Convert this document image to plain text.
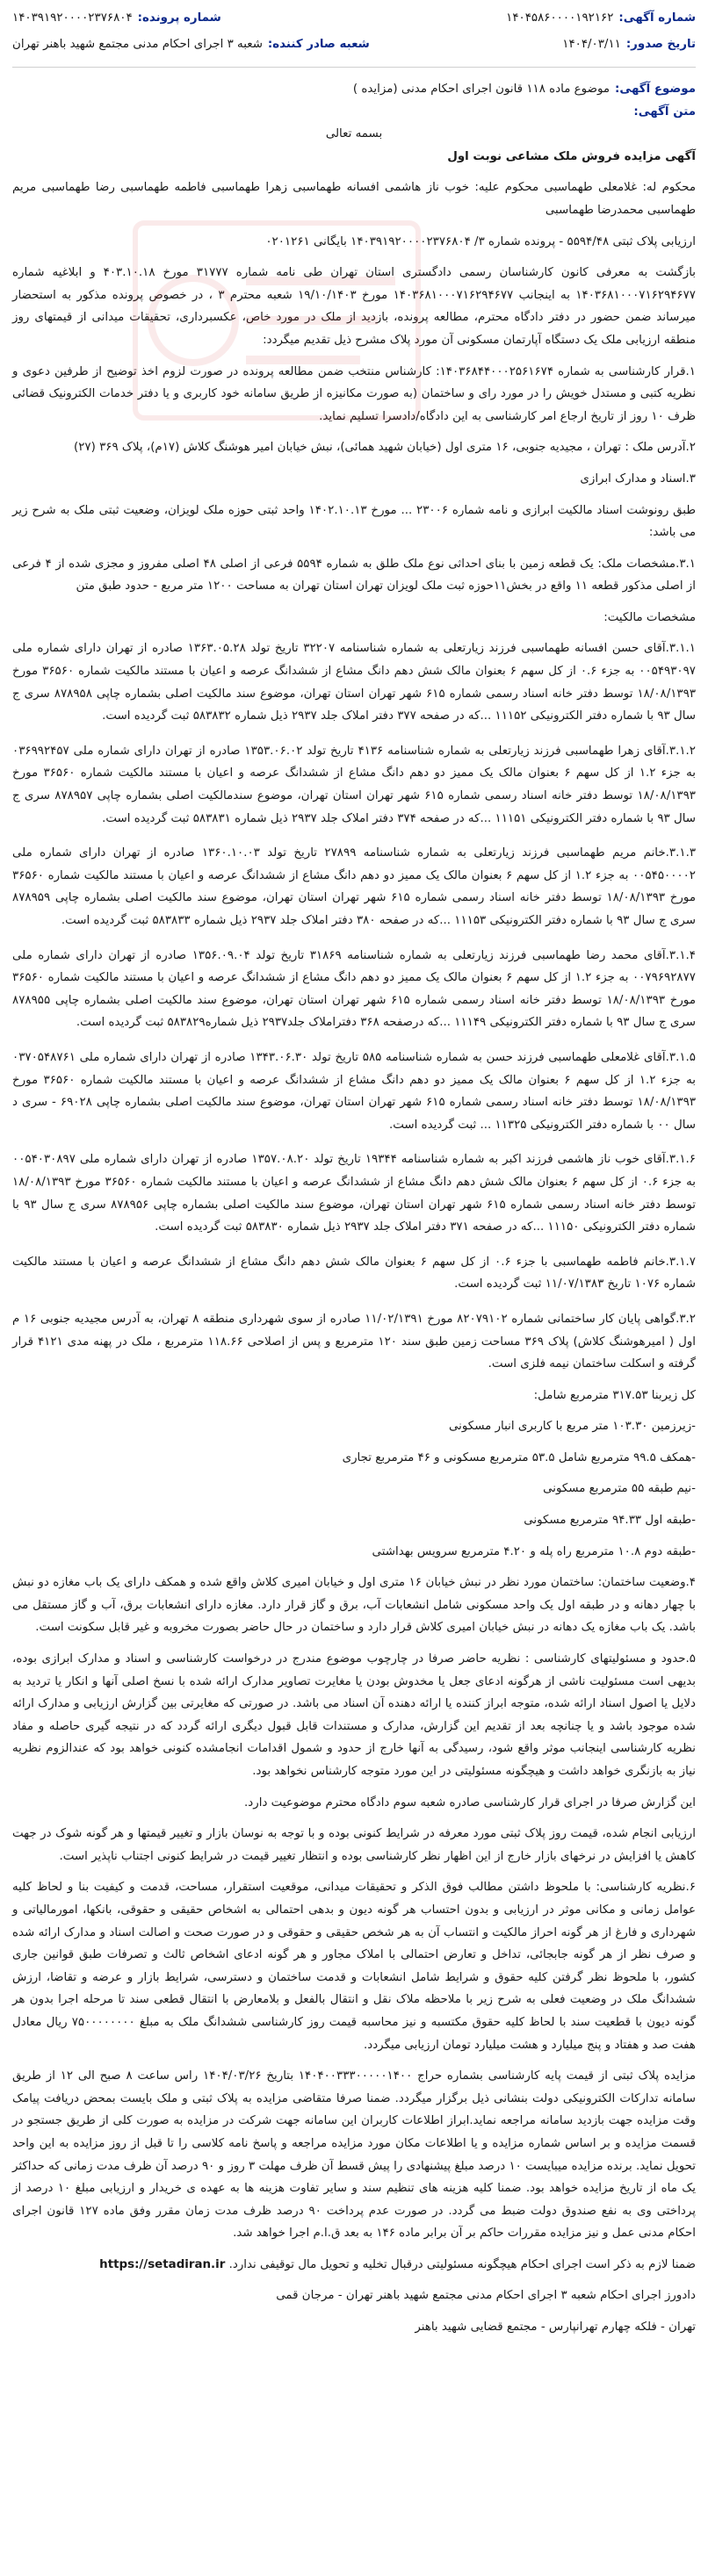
شماره آگهی:
۱۴۰۴۵۸۶۰۰۰۰۱۹۲۱۶۲
شماره پرونده:
۱۴۰۳۹۱۹۲۰۰۰۰۲۳۷۶۸۰۴
تاریخ صدور:
۱۴۰۴/۰۳/۱۱
شعبه صادر کننده:
شعبه ۳ اجرای احکام مدنی مجتمع شهید باهنر تهران
موضوع آگهی:
موضوع ماده ۱۱۸ قانون اجرای احکام مدنی (مزایده )
متن آگهی:
بسمه تعالی

آگهی مزایده فروش ملک مشاعی نوبت اول

محکوم له: غلامعلی طهماسبی محکوم علیه: خوب ناز هاشمی افسانه طهماسبی زهرا طهماسبی فاطمه طهماسبی رضا طهماسبی مریم طهماسبی محمدرضا طهماسبی

ارزیابی پلاک ثبتی ۵۵۹۴/۴۸ - پرونده شماره ۳/ ۱۴۰۳۹۱۹۲۰۰۰۰۲۳۷۶۸۰۴ بایگانی ۰۲۰۱۲۶۱

بازگشت به معرفی کانون کارشناسان رسمی دادگستری استان تهران طی نامه شماره ۳۱۷۷۷ مورخ ۴۰۳.۱۰.۱۸ و ابلاغیه شماره ۱۴۰۳۶۸۱۰۰۰۷۱۶۲۹۴۶۷۷ به اینجانب ۱۴۰۳۶۸۱۰۰۰۷۱۶۲۹۴۶۷۷ مورخ ۱۹/۱۰/۱۴۰۳ شعبه محترم ۳ ، در خصوص پرونده مذکور به استحضار میرساند ضمن حضور در دفتر دادگاه محترم، مطالعه پرونده، بازدید از ملک در مورد خاص، عکسبرداری، تحقیقات میدانی از قیمتهای روز منطقه ارزیابی ملک یک دستگاه آپارتمان مسکونی آن مورد پلاک مشرح ذیل تقدیم میگردد:

۱.قرار کارشناسی به شماره ۱۴۰۳۶۸۴۴۰۰۰۲۵۶۱۶۷۴: کارشناس منتخب ضمن مطالعه پرونده در صورت لزوم اخذ توضیح از طرفین دعوی و نظریه کتبی و مستدل خویش را در مورد رای و ساختمان (به صورت مکانیزه از طریق سامانه خود کاربری و یا دفتر خدمات الکترونیک قضائی ظرف ۱۰ روز از تاریخ ارجاع امر کارشناسی به این دادگاه/دادسرا تسلیم نماید.

۲.آدرس ملک : تهران ، مجیدیه جنوبی، ۱۶ متری اول (خیابان شهید همائی)، نبش خیابان امیر هوشنگ کلاش (۱۷م)، پلاک ۳۶۹ (۲۷)

۳.اسناد و مدارک ابرازی

طبق رونوشت اسناد مالکیت ابرازی و نامه شماره ۲۳۰۰۶ ... مورخ ۱۴۰۲.۱۰.۱۳ واحد ثبتی حوزه ملک لویزان، وضعیت ثبتی ملک به شرح زیر می باشد:

۳.۱.مشخصات ملک: یک قطعه زمین با بنای احداثی نوع ملک طلق به شماره ۵۵۹۴ فرعی از اصلی ۴۸ اصلی مفروز و مجزی شده از ۴ فرعی از اصلی مذکور قطعه ۱۱ واقع در بخش۱۱حوزه ثبت ملک لویزان تهران استان تهران به مساحت ۱۲۰۰ متر مربع - حدود طبق متن

مشخصات مالکیت:

۳.۱.۱.آقای حسن افسانه طهماسبی فرزند زیارتعلی به شماره شناسنامه ۳۲۲۰۷ تاریخ تولد ۱۳۶۳.۰۵.۲۸ صادره از تهران دارای شماره ملی ۰۰۵۴۹۳۰۹۷ به جزء ۰.۶ از کل سهم ۶ بعنوان مالک شش دهم دانگ مشاع از ششدانگ عرصه و اعیان با مستند مالکیت شماره ۳۶۵۶۰ مورخ ۱۸/۰۸/۱۳۹۳ توسط دفتر خانه اسناد رسمی شماره ۶۱۵ شهر تهران استان تهران، موضوع سند مالکیت اصلی بشماره چاپی ۸۷۸۹۵۸ سری ج سال ۹۳ با شماره دفتر الکترونیکی ۱۱۱۵۲ ...که در صفحه ۳۷۷ دفتر املاک جلد ۲۹۳۷ ذیل شماره ۵۸۳۸۳۲ ثبت گردیده است.

۳.۱.۲.آقای زهرا طهماسبی فرزند زیارتعلی به شماره شناسنامه ۴۱۳۶ تاریخ تولد ۱۳۵۳.۰۶.۰۲ صادره از تهران دارای شماره ملی ۰۳۶۹۹۲۴۵۷ به جزء ۱.۲ از کل سهم ۶ بعنوان مالک یک ممیز دو دهم دانگ مشاع از ششدانگ عرصه و اعیان با مستند مالکیت شماره ۳۶۵۶۰ مورخ ۱۸/۰۸/۱۳۹۳ توسط دفتر خانه اسناد رسمی شماره ۶۱۵ شهر تهران استان تهران، موضوع سندمالکیت اصلی بشماره چاپی ۸۷۸۹۵۷ سری ج سال ۹۳ با شماره دفتر الکترونیکی ۱۱۱۵۱ ...که در صفحه ۳۷۴ دفتر املاک جلد ۲۹۳۷ ذیل شماره ۵۸۳۸۳۱ ثبت گردیده است.

۳.۱.۳.خانم مریم طهماسبی فرزند زیارتعلی به شماره شناسنامه ۲۷۸۹۹ تاریخ تولد ۱۳۶۰.۱۰.۰۳ صادره از تهران دارای شماره ملی ۰۰۵۴۵۰۰۰۰۲ به جزء ۱.۲ از کل سهم ۶ بعنوان مالک یک ممیز دو دهم دانگ مشاع از ششدانگ عرصه و اعیان با مستند مالکیت شماره ۳۶۵۶۰ مورخ ۱۸/۰۸/۱۳۹۳ توسط دفتر خانه اسناد رسمی شماره ۶۱۵ شهر تهران استان تهران، موضوع سند مالکیت اصلی بشماره چاپی ۸۷۸۹۵۹ سری ج سال ۹۳ با شماره دفتر الکترونیکی ۱۱۱۵۳ ...که در صفحه ۳۸۰ دفتر املاک جلد ۲۹۳۷ ذیل شماره ۵۸۳۸۳۳ ثبت گردیده است.

۳.۱.۴.آقای محمد رضا طهماسبی فرزند زیارتعلی به شماره شناسنامه ۳۱۸۶۹ تاریخ تولد ۱۳۵۶.۰۹.۰۴ صادره از تهران دارای شماره ملی ۰۰۷۹۶۹۲۸۷۷ به جزء ۱.۲ از کل سهم ۶ بعنوان مالک یک ممیز دو دهم دانگ مشاع از ششدانگ عرصه و اعیان با مستند مالکیت شماره ۳۶۵۶۰ مورخ ۱۸/۰۸/۱۳۹۳ توسط دفتر خانه اسناد رسمی شماره ۶۱۵ شهر تهران استان تهران، موضوع سند مالکیت اصلی بشماره چاپی ۸۷۸۹۵۵ سری ج سال ۹۳ با شماره دفتر الکترونیکی ۱۱۱۴۹ ...که درصفحه ۳۶۸ دفتراملاک جلد۲۹۳۷ ذیل شماره۵۸۳۸۲۹ ثبت گردیده است.

۳.۱.۵.آقای غلامعلی طهماسبی فرزند حسن به شماره شناسنامه ۵۸۵ تاریخ تولد ۱۳۴۳.۰۶.۳۰ صادره از تهران دارای شماره ملی ۰۳۷۰۵۴۸۷۶۱ به جزء ۱.۲ از کل سهم ۶ بعنوان مالک یک ممیز دو دهم دانگ مشاع از ششدانگ عرصه و اعیان با مستند مالکیت شماره ۳۶۵۶۰ مورخ ۱۸/۰۸/۱۳۹۳ توسط دفتر خانه اسناد رسمی شماره ۶۱۵ شهر تهران استان تهران، موضوع سند مالکیت اصلی بشماره چاپی ۶۹۰۲۸ - سری د سال ۰۰ با شماره دفتر الکترونیکی ۱۱۳۲۵ ... ثبت گردیده است.

۳.۱.۶.آقای خوب ناز هاشمی فرزند اکبر به شماره شناسنامه ۱۹۳۴۴ تاریخ تولد ۱۳۵۷.۰۸.۲۰ صادره از تهران دارای شماره ملی ۰۰۵۴۰۳۰۸۹۷ به جزء ۰.۶ از کل سهم ۶ بعنوان مالک شش دهم دانگ مشاع از ششدانگ عرصه و اعیان با مستند مالکیت شماره ۳۶۵۶۰ مورخ ۱۸/۰۸/۱۳۹۳ توسط دفتر خانه اسناد رسمی شماره ۶۱۵ شهر تهران استان تهران، موضوع سند مالکیت اصلی بشماره چاپی ۸۷۸۹۵۶ سری ج سال ۹۳ با شماره دفتر الکترونیکی ۱۱۱۵۰ ...که در صفحه ۳۷۱ دفتر املاک جلد ۲۹۳۷ ذیل شماره ۵۸۳۸۳۰ ثبت گردیده است.

۳.۱.۷.خانم فاطمه طهماسبی با جزء ۰.۶ از کل سهم ۶ بعنوان مالک شش دهم دانگ مشاع از ششدانگ عرصه و اعیان با مستند مالکیت شماره ۱۰۷۶ تاریخ ۱۱/۰۷/۱۳۸۳ ثبت گردیده است.

۳.۲.گواهی پایان کار ساختمانی شماره ۸۲۰۷۹۱۰۲ مورخ ۱۱/۰۲/۱۳۹۱ صادره از سوی شهرداری منطقه ۸ تهران، به آدرس مجیدیه جنوبی ۱۶ م اول ( امیرهوشنگ کلاش) پلاک ۳۶۹ مساحت زمین طبق سند ۱۲۰ مترمربع و پس از اصلاحی ۱۱۸.۶۶ مترمربع ، ملک در پهنه مدی ۴۱۲۱ قرار گرفته و اسکلت ساختمان نیمه فلزی است.

کل زیربنا ۳۱۷.۵۳ مترمربع شامل:

-زیرزمین ۱۰۳.۳۰ متر مربع با کاربری انبار مسکونی

-همکف ۹۹.۵ مترمربع شامل ۵۳.۵ مترمربع مسکونی و ۴۶ مترمربع تجاری

-نیم طبقه ۵۵ مترمربع مسکونی

-طبقه اول ۹۴.۳۳ مترمربع مسکونی

-طبقه دوم ۱۰.۸ مترمربع راه پله و ۴.۲۰ مترمربع سرویس بهداشتی

۴.وضعیت ساختمان: ساختمان مورد نظر در نبش خیابان ۱۶ متری اول و خیابان امیری کلاش واقع شده و همکف دارای یک باب مغازه دو نبش با چهار دهانه و در طبقه اول یک واحد مسکونی شامل انشعابات آب، برق و گاز قرار دارد. مغازه دارای انشعابات برق، آب و گاز مستقل می باشد. یک باب مغازه یک دهانه در نبش خیابان امیری کلاش قرار دارد و ساختمان در حال حاضر بصورت مخروبه و غیر قابل سکونت است.

۵.حدود و مسئولیتهای کارشناسی : نظریه حاضر صرفا در چارچوب موضوع مندرج در درخواست کارشناسی و اسناد و مدارک ابرازی بوده، بدیهی است مسئولیت ناشی از هرگونه ادعای جعل یا مخدوش بودن یا مغایرت تصاویر مدارک ارائه شده با نسخ اصلی آنها و انکار یا تردید به دلایل یا اصول اسناد ارائه شده، متوجه ابراز کننده یا ارائه دهنده آن اسناد می باشد. در صورتی که مغایرتی بین گزارش ارزیابی و مدارک ارائه شده موجود باشد و یا چنانچه بعد از تقدیم این گزارش، مدارک و مستندات قابل قبول دیگری ارائه گردد که در نتیجه گیری حاصله و مفاد نظریه کارشناسی اینجانب موثر واقع شود، رسیدگی به آنها خارج از حدود و شمول اقدامات انجامشده کنونی خواهد بود که عندالزوم نظریه نیاز به بازنگری خواهد داشت و هیچگونه مسئولیتی در این مورد متوجه کارشناس نخواهد بود.

این گزارش صرفا در اجرای قرار کارشناسی صادره شعبه سوم دادگاه محترم موضوعیت دارد.

ارزیابی انجام شده، قیمت روز پلاک ثبتی مورد معرفه در شرایط کنونی بوده و با توجه به نوسان بازار و تغییر قیمتها و هر گونه شوک در جهت کاهش یا افزایش در نرخهای بازار خارج از این اظهار نظر کارشناسی بوده و انتظار تغییر قیمت در شرایط کنونی اجتناب ناپذیر است.

۶.نظریه کارشناسی: با ملحوظ داشتن مطالب فوق الذکر و تحقیقات میدانی، موقعیت استقرار، مساحت، قدمت و کیفیت بنا و لحاظ کلیه عوامل زمانی و مکانی موثر در ارزیابی و بدون احتساب هر گونه دیون و بدهی احتمالی به اشخاص حقیقی و حقوقی، بانکها، امورمالیاتی و شهرداری و فارغ از هر گونه احراز مالکیت و انتساب آن به هر شخص حقیقی و حقوقی و در صورت صحت و اصالت اسناد و مدارک ارائه شده و صرف نظر از هر گونه جابجائی، تداخل و تعارض احتمالی با املاک مجاور و هر گونه ادعای اشخاص ثالث و تصرفات طبق قوانین جاری کشور، با ملحوظ نظر گرفتن کلیه حقوق و شرایط شامل انشعابات و قدمت ساختمان و دسترسی، شرایط بازار و عرضه و تقاضا، ارزش ششدانگ ملک در وضعیت فعلی به شرح زیر با ملاحظه ملاک نقل و انتقال بالفعل و بلامعارض با انتقال قطعی سند تا مرحله اجرا بدون هر گونه دیون با قطعیت سند با لحاظ کلیه حقوق مکتسبه و نیز محاسبه قیمت روز کارشناسی ششدانگ ملک به مبلغ ۷۵۰۰۰۰۰۰۰۰ ریال معادل هفت صد و هفتاد و پنج میلیارد و هشت میلیارد تومان ارزیابی میگردد.

مزایده پلاک ثبتی از قیمت پایه کارشناسی بشماره حراج ۱۴۰۴۰۰۳۳۳۰۰۰۰۰۱۴۰۰ بتاریخ ۱۴۰۴/۰۳/۲۶ راس ساعت ۸ صبح الی ۱۲ از طریق سامانه تدارکات الکترونیکی دولت بنشانی ذیل برگزار میگردد. ضمنا صرفا متقاضی مزایده به پلاک ثبتی و ملک بایست بمحض دریافت پیامک وقت مزایده جهت بازدید سامانه مراجعه نماید.ابراز اطلاعات کاربران این سامانه جهت شرکت در مزایده به صورت کلی از طریق جستجو در قسمت مزایده و بر اساس شماره مزایده و یا اطلاعات مکان مورد مزایده مراجعه و پاسخ نامه کلاسی را تا قبل از روز مزایده به این واحد تحویل نماید. برنده مزایده میبایست ۱۰ درصد مبلغ پیشنهادی را پیش قسط آن ظرف مهلت ۳ روز و ۹۰ درصد آن ظرف مدت زمانی که حداکثر یک ماه از تاریخ مزایده خواهد بود. ضمنا کلیه هزینه های تنظیم سند و سایر تفاوت هزینه ها به عهده ی خریدار و ارزیابی مبلغ ۱۰ درصد از پرداختی وی به نفع صندوق دولت ضبط می گردد. در صورت عدم پرداخت ۹۰ درصد ظرف مدت زمان مقرر وفق ماده ۱۲۷ قانون اجرای احکام مدنی عمل و نیز مزایده مقررات حاکم بر آن برابر ماده ۱۴۶ به بعد ق.ا.م اجرا خواهد شد.

ضمنا لازم به ذکر است اجرای احکام هیچگونه مسئولیتی درقبال تخلیه و تحویل مال توقیفی ندارد. https://setadiran.ir

دادورز اجرای احکام شعبه ۳ اجرای احکام مدنی مجتمع شهید باهنر تهران - مرجان قمی

تهران - فلکه چهارم تهرانپارس - مجتمع قضایی شهید باهنر
